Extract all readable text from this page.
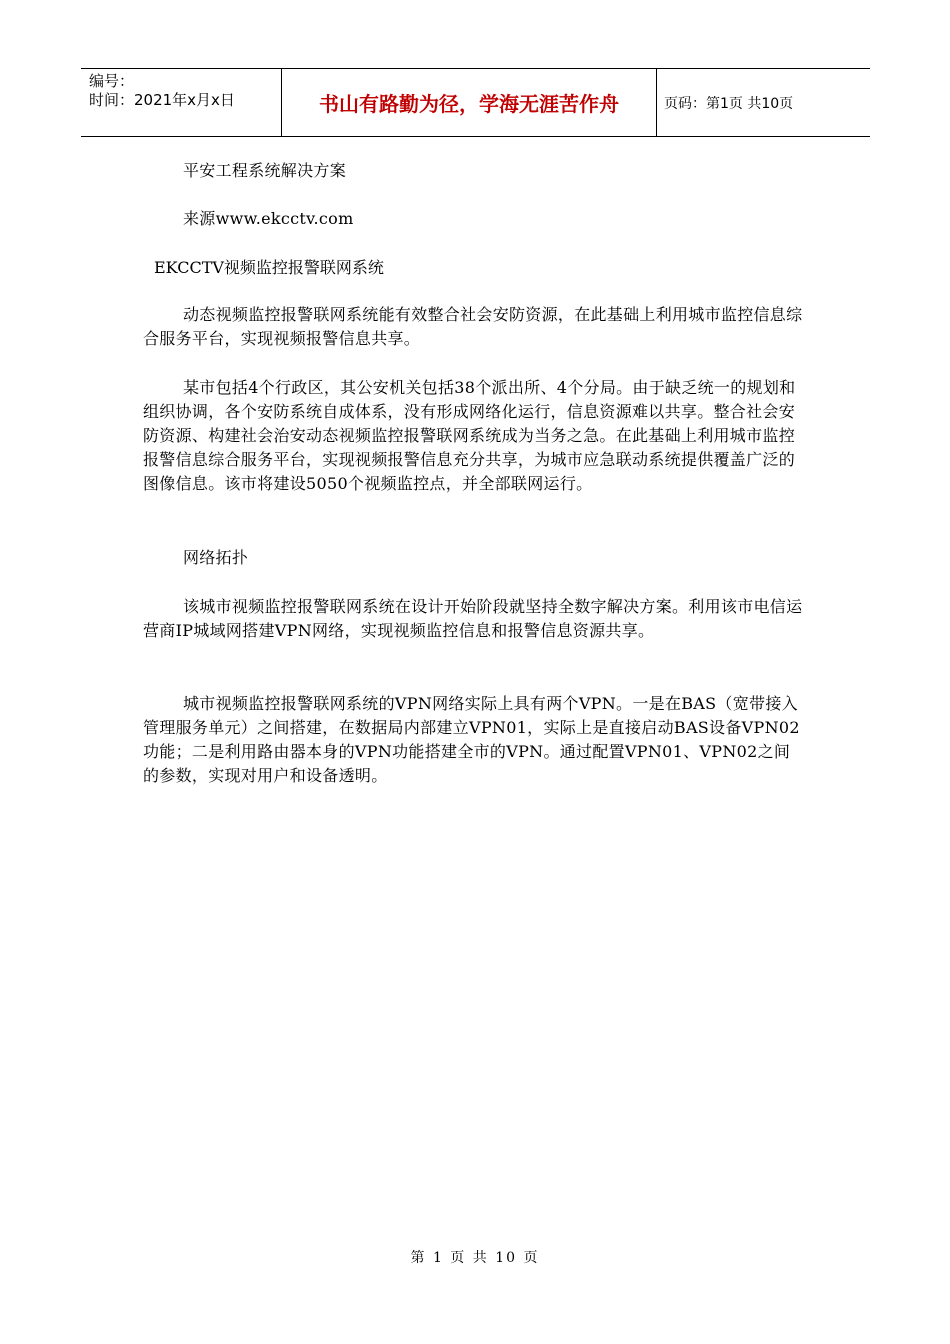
编号：
时间：2021年x月x日	书山有路勤为径，学海无涯苦作舟	页码：第1页 共10页
平安工程系统解决方案
来源www.ekcctv.com
EKCCTV视频监控报警联网系统
动态视频监控报警联网系统能有效整合社会安防资源，在此基础上利用城市监控信息综合服务平台，实现视频报警信息共享。
某市包括4个行政区，其公安机关包括38个派出所、4个分局。由于缺乏统一的规划和组织协调，各个安防系统自成体系，没有形成网络化运行，信息资源难以共享。整合社会安防资源、构建社会治安动态视频监控报警联网系统成为当务之急。在此基础上利用城市监控报警信息综合服务平台，实现视频报警信息充分共享，为城市应急联动系统提供覆盖广泛的图像信息。该市将建设5050个视频监控点，并全部联网运行。
网络拓扑
该城市视频监控报警联网系统在设计开始阶段就坚持全数字解决方案。利用该市电信运营商IP城域网搭建VPN网络，实现视频监控信息和报警信息资源共享。
城市视频监控报警联网系统的VPN网络实际上具有两个VPN。一是在BAS（宽带接入管理服务单元）之间搭建，在数据局内部建立VPN01，实际上是直接启动BAS设备VPN02功能；二是利用路由器本身的VPN功能搭建全市的VPN。通过配置VPN01、VPN02之间的参数，实现对用户和设备透明。
第 1 页 共 10 页
